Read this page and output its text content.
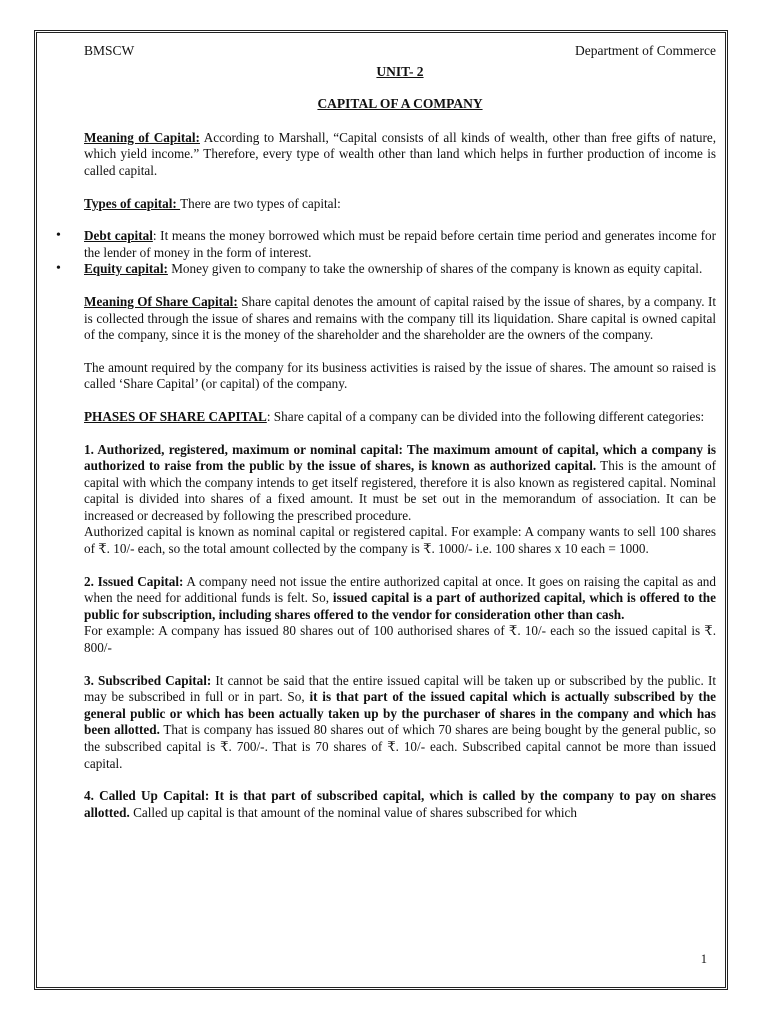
BMSCW	Department of Commerce
UNIT- 2
CAPITAL OF A COMPANY

Meaning of Capital: According to Marshall, “Capital consists of all kinds of wealth, other than free gifts of nature, which yield income.” Therefore, every type of wealth other than land which helps in further production of income is called capital.

Types of capital: There are two types of capital:

• Debt capital: It means the money borrowed which must be repaid before certain time period and generates income for the lender of money in the form of interest.
• Equity capital: Money given to company to take the ownership of shares of the company is known as equity capital.

Meaning Of Share Capital: Share capital denotes the amount of capital raised by the issue of shares, by a company. It is collected through the issue of shares and remains with the company till its liquidation. Share capital is owned capital of the company, since it is the money of the shareholder and the shareholder are the owners of the company.

The amount required by the company for its business activities is raised by the issue of shares. The amount so raised is called ‘Share Capital’ (or capital) of the company.

PHASES OF SHARE CAPITAL: Share capital of a company can be divided into the following different categories:

1. Authorized, registered, maximum or nominal capital: The maximum amount of capital, which a company is authorized to raise from the public by the issue of shares, is known as authorized capital. This is the amount of capital with which the company intends to get itself registered, therefore it is also known as registered capital. Nominal capital is divided into shares of a fixed amount. It must be set out in the memorandum of association. It can be increased or decreased by following the prescribed procedure.

Authorized capital is known as nominal capital or registered capital. For example: A company wants to sell 100 shares of ₹. 10/- each, so the total amount collected by the company is ₹. 1000/- i.e. 100 shares x 10 each = 1000.

2. Issued Capital: A company need not issue the entire authorized capital at once. It goes on raising the capital as and when the need for additional funds is felt. So, issued capital is a part of authorized capital, which is offered to the public for subscription, including shares offered to the vendor for consideration other than cash.

For example: A company has issued 80 shares out of 100 authorised shares of ₹. 10/- each so the issued capital is ₹. 800/-

3. Subscribed Capital: It cannot be said that the entire issued capital will be taken up or subscribed by the public. It may be subscribed in full or in part. So, it is that part of the issued capital which is actually subscribed by the general public or which has been actually taken up by the purchaser of shares in the company and which has been allotted. That is company has issued 80 shares out of which 70 shares are being bought by the general public, so the subscribed capital is ₹. 700/-. That is 70 shares of ₹. 10/- each. Subscribed capital cannot be more than issued capital.

4. Called Up Capital: It is that part of subscribed capital, which is called by the company to pay on shares allotted. Called up capital is that amount of the nominal value of shares subscribed for which

1
